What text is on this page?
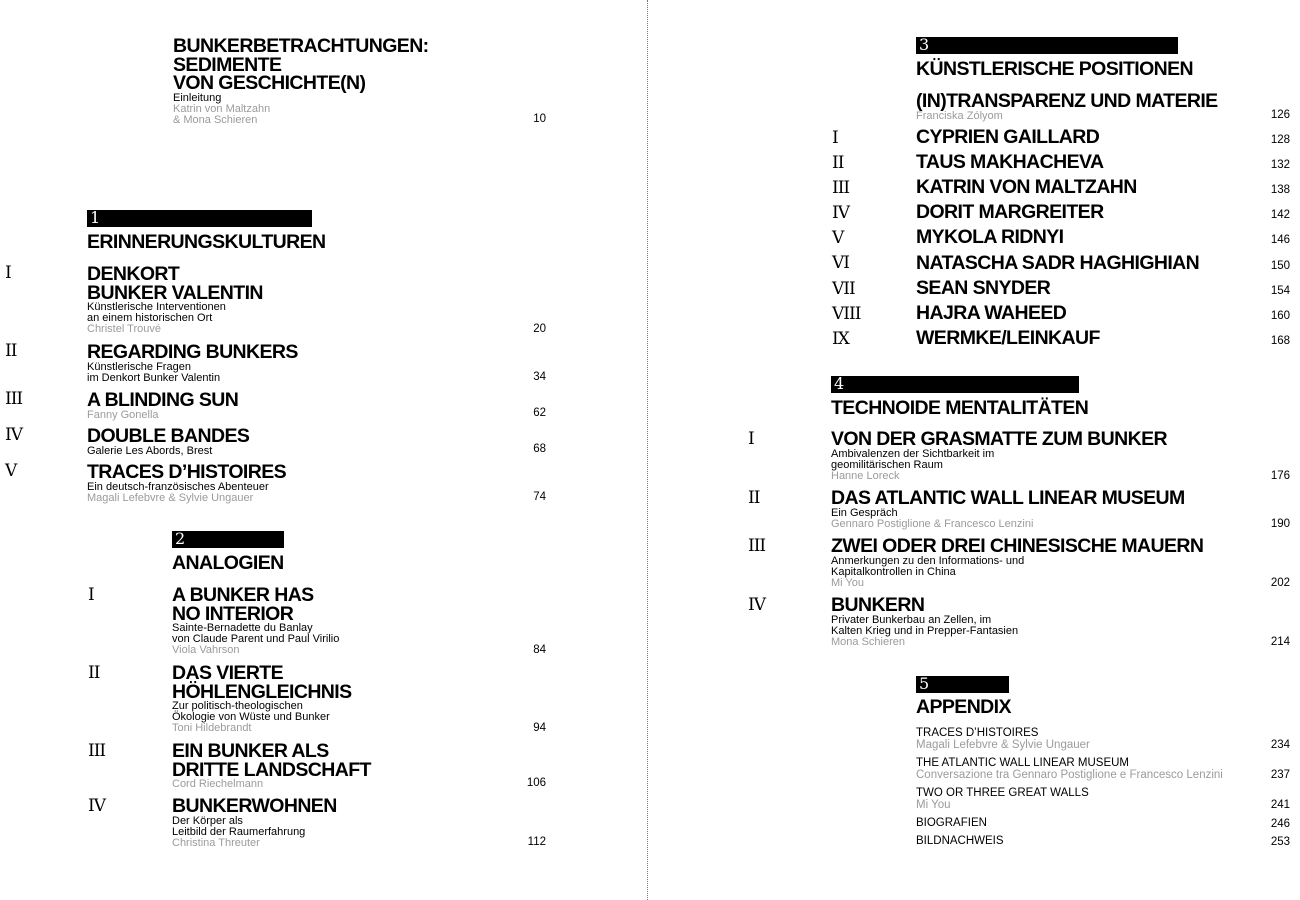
BUNKERBETRACHTUNGEN:
SEDIMENTE
VON GESCHICHTE(N)
Einleitung
Katrin von Maltzahn
& Mona Schieren	10
1
ERINNERUNGSKULTUREN
I	DENKORT
BUNKER VALENTIN
Künstlerische Interventionen
an einem historischen Ort
Christel Trouvé	20
II	REGARDING BUNKERS
Künstlerische Fragen
im Denkort Bunker Valentin	34
III	A BLINDING SUN
Fanny Gonella	62
IV	DOUBLE BANDES
Galerie Les Abords, Brest	68
V	TRACES D’HISTOIRES
Ein deutsch-französisches Abenteuer
Magali Lefebvre & Sylvie Ungauer	74
2
ANALOGIEN
I	A BUNKER HAS
NO INTERIOR
Sainte-Bernadette du Banlay
von Claude Parent und Paul Virilio
Viola Vahrson	84
II	DAS VIERTE
HÖHLENGLEICHNIS
Zur politisch-theologischen
Ökologie von Wüste und Bunker
Toni Hildebrandt	94
III	EIN BUNKER ALS
DRITTE LANDSCHAFT
Cord Riechelmann	106
IV	BUNKERWOHNEN
Der Körper als
Leitbild der Raumerfahrung
Christina Threuter	112
3
KÜNSTLERISCHE POSITIONEN
(IN)TRANSPARENZ UND MATERIE
Franciska Zólyom	126
I	CYPRIEN GAILLARD	128
II	TAUS MAKHACHEVA	132
III	KATRIN VON MALTZAHN	138
IV	DORIT MARGREITER	142
V	MYKOLA RIDNYI	146
VI	NATASCHA SADR HAGHIGHIAN	150
VII	SEAN SNYDER	154
VIII	HAJRA WAHEED	160
IX	WERMKE/LEINKAUF	168
4
TECHNOIDE MENTALITÄTEN
I	VON DER GRASMATTE ZUM BUNKER
Ambivalenzen der Sichtbarkeit im
geomilitärischen Raum
Hanne Loreck	176
II	DAS ATLANTIC WALL LINEAR MUSEUM
Ein Gespräch
Gennaro Postiglione & Francesco Lenzini	190
III	ZWEI ODER DREI CHINESISCHE MAUERN
Anmerkungen zu den Informations- und
Kapitalkontrollen in China
Mi You	202
IV	BUNKERN
Privater Bunkerbau an Zellen, im
Kalten Krieg und in Prepper-Fantasien
Mona Schieren	214
5
APPENDIX
TRACES D’HISTOIRES
Magali Lefebvre & Sylvie Ungauer	234
THE ATLANTIC WALL LINEAR MUSEUM
Conversazione tra Gennaro Postiglione e Francesco Lenzini	237
TWO OR THREE GREAT WALLS
Mi You	241
BIOGRAFIEN	246
BILDNACHWEIS	253
